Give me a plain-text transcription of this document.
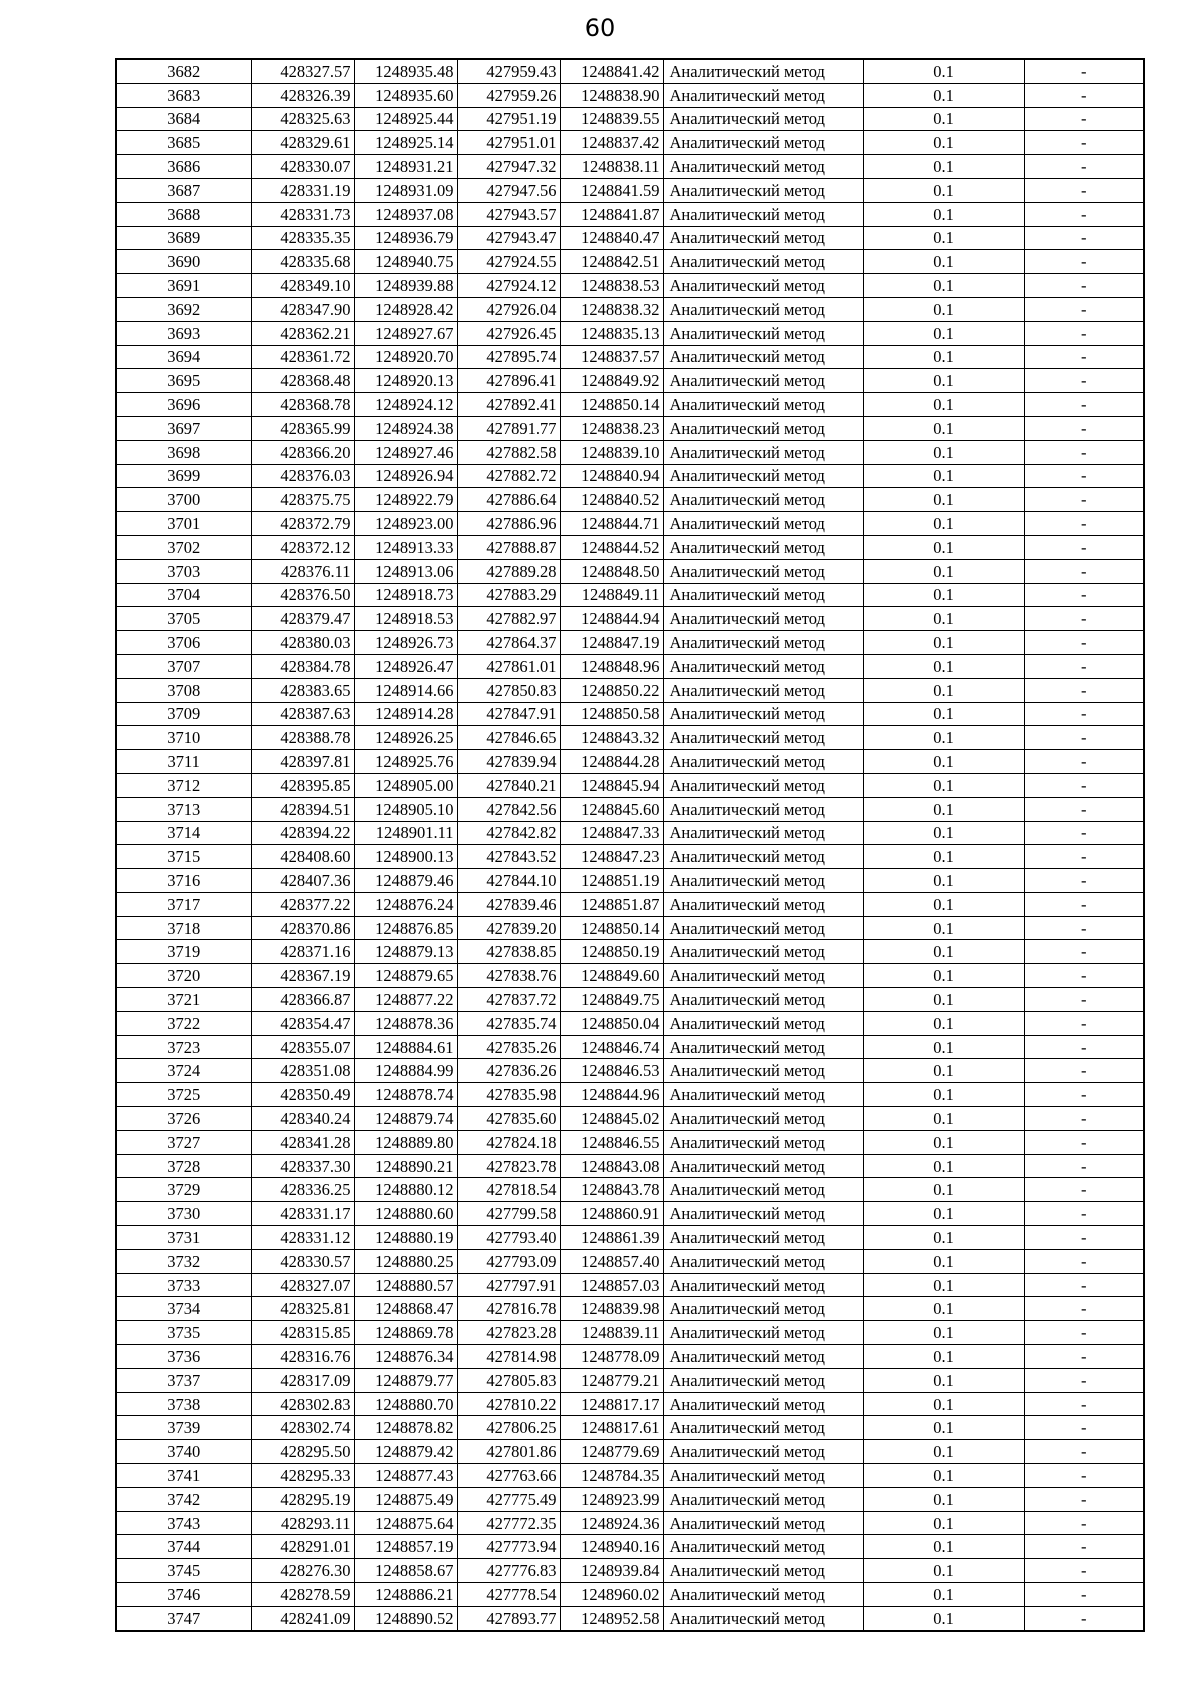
60
3682	428327.57	1248935.48	427959.43	1248841.42	Аналитический метод	0.1	-
3683	428326.39	1248935.60	427959.26	1248838.90	Аналитический метод	0.1	-
3684	428325.63	1248925.44	427951.19	1248839.55	Аналитический метод	0.1	-
3685	428329.61	1248925.14	427951.01	1248837.42	Аналитический метод	0.1	-
3686	428330.07	1248931.21	427947.32	1248838.11	Аналитический метод	0.1	-
3687	428331.19	1248931.09	427947.56	1248841.59	Аналитический метод	0.1	-
3688	428331.73	1248937.08	427943.57	1248841.87	Аналитический метод	0.1	-
3689	428335.35	1248936.79	427943.47	1248840.47	Аналитический метод	0.1	-
3690	428335.68	1248940.75	427924.55	1248842.51	Аналитический метод	0.1	-
3691	428349.10	1248939.88	427924.12	1248838.53	Аналитический метод	0.1	-
3692	428347.90	1248928.42	427926.04	1248838.32	Аналитический метод	0.1	-
3693	428362.21	1248927.67	427926.45	1248835.13	Аналитический метод	0.1	-
3694	428361.72	1248920.70	427895.74	1248837.57	Аналитический метод	0.1	-
3695	428368.48	1248920.13	427896.41	1248849.92	Аналитический метод	0.1	-
3696	428368.78	1248924.12	427892.41	1248850.14	Аналитический метод	0.1	-
3697	428365.99	1248924.38	427891.77	1248838.23	Аналитический метод	0.1	-
3698	428366.20	1248927.46	427882.58	1248839.10	Аналитический метод	0.1	-
3699	428376.03	1248926.94	427882.72	1248840.94	Аналитический метод	0.1	-
3700	428375.75	1248922.79	427886.64	1248840.52	Аналитический метод	0.1	-
3701	428372.79	1248923.00	427886.96	1248844.71	Аналитический метод	0.1	-
3702	428372.12	1248913.33	427888.87	1248844.52	Аналитический метод	0.1	-
3703	428376.11	1248913.06	427889.28	1248848.50	Аналитический метод	0.1	-
3704	428376.50	1248918.73	427883.29	1248849.11	Аналитический метод	0.1	-
3705	428379.47	1248918.53	427882.97	1248844.94	Аналитический метод	0.1	-
3706	428380.03	1248926.73	427864.37	1248847.19	Аналитический метод	0.1	-
3707	428384.78	1248926.47	427861.01	1248848.96	Аналитический метод	0.1	-
3708	428383.65	1248914.66	427850.83	1248850.22	Аналитический метод	0.1	-
3709	428387.63	1248914.28	427847.91	1248850.58	Аналитический метод	0.1	-
3710	428388.78	1248926.25	427846.65	1248843.32	Аналитический метод	0.1	-
3711	428397.81	1248925.76	427839.94	1248844.28	Аналитический метод	0.1	-
3712	428395.85	1248905.00	427840.21	1248845.94	Аналитический метод	0.1	-
3713	428394.51	1248905.10	427842.56	1248845.60	Аналитический метод	0.1	-
3714	428394.22	1248901.11	427842.82	1248847.33	Аналитический метод	0.1	-
3715	428408.60	1248900.13	427843.52	1248847.23	Аналитический метод	0.1	-
3716	428407.36	1248879.46	427844.10	1248851.19	Аналитический метод	0.1	-
3717	428377.22	1248876.24	427839.46	1248851.87	Аналитический метод	0.1	-
3718	428370.86	1248876.85	427839.20	1248850.14	Аналитический метод	0.1	-
3719	428371.16	1248879.13	427838.85	1248850.19	Аналитический метод	0.1	-
3720	428367.19	1248879.65	427838.76	1248849.60	Аналитический метод	0.1	-
3721	428366.87	1248877.22	427837.72	1248849.75	Аналитический метод	0.1	-
3722	428354.47	1248878.36	427835.74	1248850.04	Аналитический метод	0.1	-
3723	428355.07	1248884.61	427835.26	1248846.74	Аналитический метод	0.1	-
3724	428351.08	1248884.99	427836.26	1248846.53	Аналитический метод	0.1	-
3725	428350.49	1248878.74	427835.98	1248844.96	Аналитический метод	0.1	-
3726	428340.24	1248879.74	427835.60	1248845.02	Аналитический метод	0.1	-
3727	428341.28	1248889.80	427824.18	1248846.55	Аналитический метод	0.1	-
3728	428337.30	1248890.21	427823.78	1248843.08	Аналитический метод	0.1	-
3729	428336.25	1248880.12	427818.54	1248843.78	Аналитический метод	0.1	-
3730	428331.17	1248880.60	427799.58	1248860.91	Аналитический метод	0.1	-
3731	428331.12	1248880.19	427793.40	1248861.39	Аналитический метод	0.1	-
3732	428330.57	1248880.25	427793.09	1248857.40	Аналитический метод	0.1	-
3733	428327.07	1248880.57	427797.91	1248857.03	Аналитический метод	0.1	-
3734	428325.81	1248868.47	427816.78	1248839.98	Аналитический метод	0.1	-
3735	428315.85	1248869.78	427823.28	1248839.11	Аналитический метод	0.1	-
3736	428316.76	1248876.34	427814.98	1248778.09	Аналитический метод	0.1	-
3737	428317.09	1248879.77	427805.83	1248779.21	Аналитический метод	0.1	-
3738	428302.83	1248880.70	427810.22	1248817.17	Аналитический метод	0.1	-
3739	428302.74	1248878.82	427806.25	1248817.61	Аналитический метод	0.1	-
3740	428295.50	1248879.42	427801.86	1248779.69	Аналитический метод	0.1	-
3741	428295.33	1248877.43	427763.66	1248784.35	Аналитический метод	0.1	-
3742	428295.19	1248875.49	427775.49	1248923.99	Аналитический метод	0.1	-
3743	428293.11	1248875.64	427772.35	1248924.36	Аналитический метод	0.1	-
3744	428291.01	1248857.19	427773.94	1248940.16	Аналитический метод	0.1	-
3745	428276.30	1248858.67	427776.83	1248939.84	Аналитический метод	0.1	-
3746	428278.59	1248886.21	427778.54	1248960.02	Аналитический метод	0.1	-
3747	428241.09	1248890.52	427893.77	1248952.58	Аналитический метод	0.1	-
